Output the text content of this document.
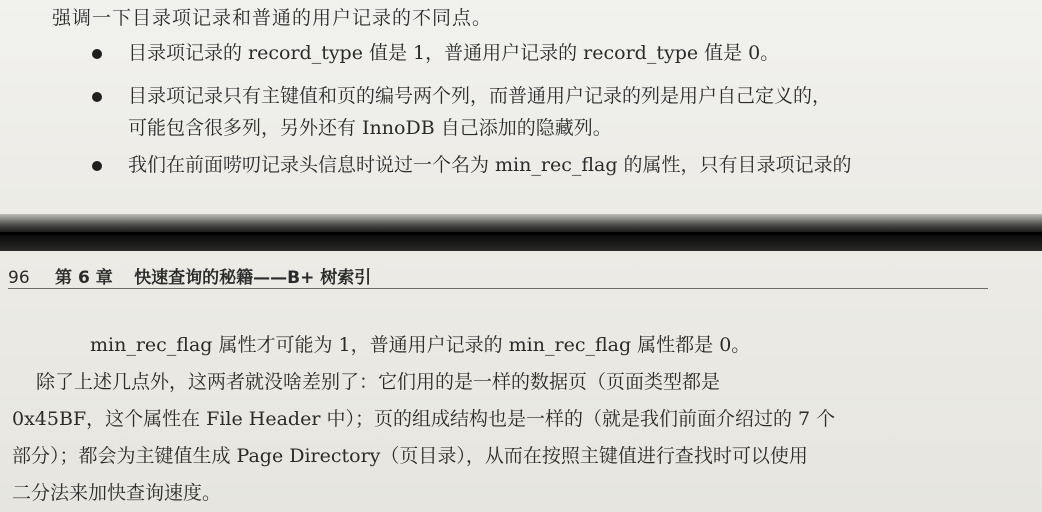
强调一下目录项记录和普通的用户记录的不同点。
目录项记录的 record_type 值是 1，普通用户记录的 record_type 值是 0。
目录项记录只有主键值和页的编号两个列，而普通用户记录的列是用户自己定义的，
可能包含很多列，另外还有 InnoDB 自己添加的隐藏列。
我们在前面唠叨记录头信息时说过一个名为 min_rec_flag 的属性，只有目录项记录的
96 第 6 章 快速查询的秘籍——B+ 树索引
min_rec_flag 属性才可能为 1，普通用户记录的 min_rec_flag 属性都是 0。
除了上述几点外，这两者就没啥差别了：它们用的是一样的数据页（页面类型都是
0x45BF，这个属性在 File Header 中）；页的组成结构也是一样的（就是我们前面介绍过的 7 个
部分）；都会为主键值生成 Page Directory（页目录），从而在按照主键值进行查找时可以使用
二分法来加快查询速度。
